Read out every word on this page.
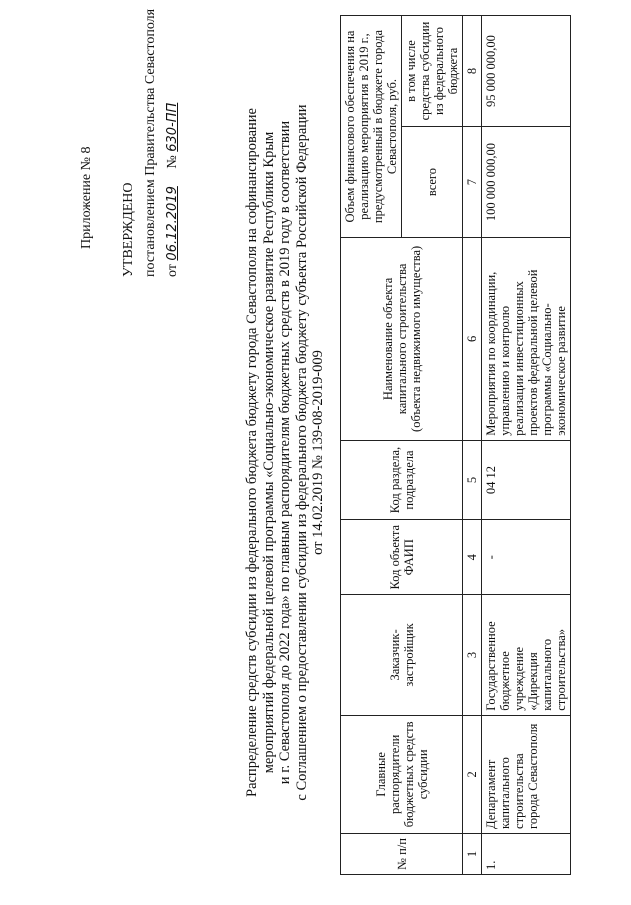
Приложение № 8 УТВЕРЖДЕНО постановлением Правительства Севастополя от 06.12.2019     № 630-ПП	Распределение средств субсидии из федерального бюджета бюджету города Севастополя на софинансирование мероприятий федеральной целевой программы «Социально-экономическое развитие Республики Крым и г. Севастополя до 2022 года» по главным распорядителям бюджетных средств в 2019 году в соответствии с Соглашением о предоставлении субсидии из федерального бюджета бюджету субъекта Российской Федерации от 14.02.2019 № 139-08-2019-009
№ п/п	Главные распорядители бюджетных средств субсидии	Заказчик-застройщик	Код объекта ФАИП	Код раздела, подраздела	Наименование объекта капитального строительства (объекта недвижимого имущества)	Объем финансового обеспечения на реализацию мероприятия в 2019 г., предусмотренный в бюджете города Севастополя, руб.	
						всего	в том числе средства субсидии из федерального бюджета
1	2	3	4	5	6	7	8
1.	Департамент капитального строительства города Севастополя	Государственное бюджетное учреждение «Дирекция капитального строительства»	-	04 12	Мероприятия по координации, управлению и контролю реализации инвестиционных проектов федеральной целевой программы «Социально-экономическое развитие	100 000 000,00	95 000 000,00
